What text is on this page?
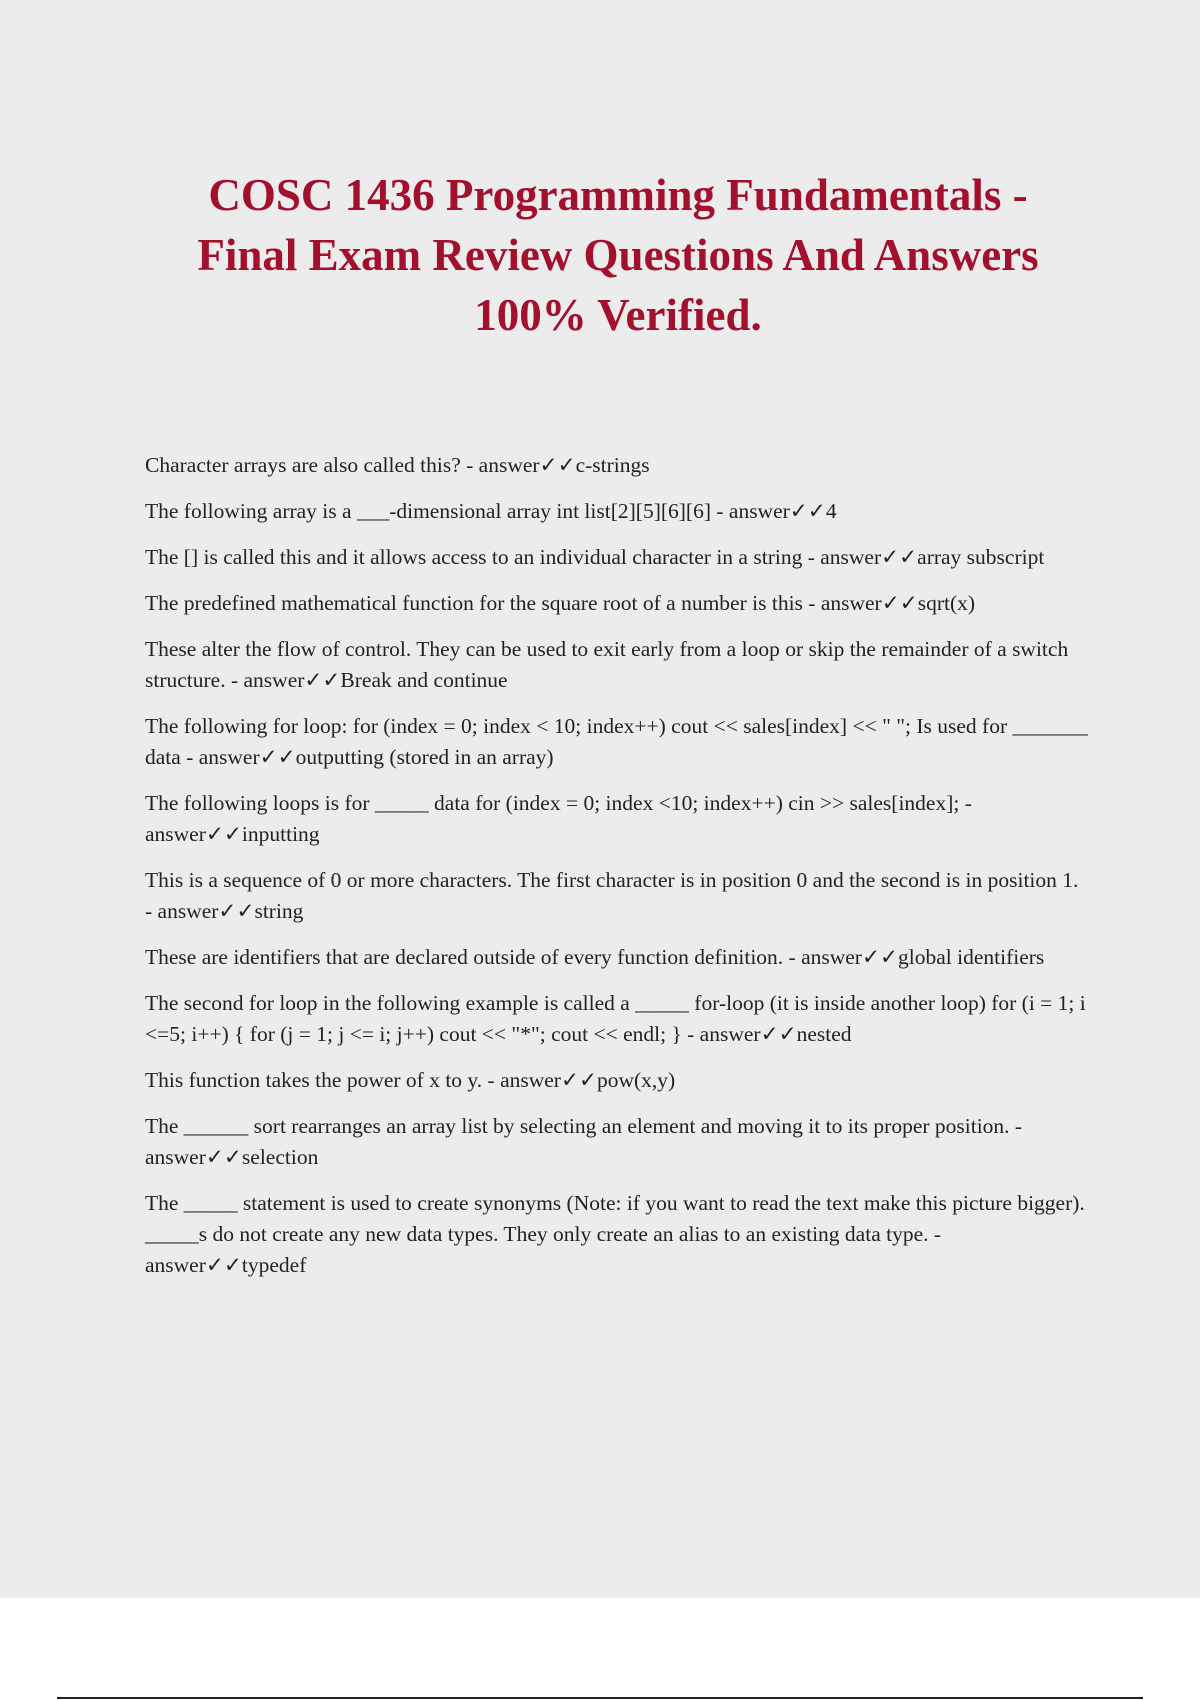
COSC 1436 Programming Fundamentals -
Final Exam Review Questions And Answers
100% Verified.
Character arrays are also called this? - answer✓✓c-strings
The following array is a ___-dimensional array int list[2][5][6][6] - answer✓✓4
The [] is called this and it allows access to an individual character in a string - answer✓✓array subscript
The predefined mathematical function for the square root of a number is this - answer✓✓sqrt(x)
These alter the flow of control. They can be used to exit early from a loop or skip the remainder of a switch structure. - answer✓✓Break and continue
The following for loop: for (index = 0; index < 10; index++) cout << sales[index] << " "; Is used for _______ data - answer✓✓outputting (stored in an array)
The following loops is for _____ data for (index = 0; index <10; index++) cin >> sales[index]; - answer✓✓inputting
This is a sequence of 0 or more characters. The first character is in position 0 and the second is in position 1. - answer✓✓string
These are identifiers that are declared outside of every function definition. - answer✓✓global identifiers
The second for loop in the following example is called a _____ for-loop (it is inside another loop) for (i = 1; i <=5; i++) { for (j = 1; j <= i; j++) cout << "*"; cout << endl; } - answer✓✓nested
This function takes the power of x to y. - answer✓✓pow(x,y)
The ______ sort rearranges an array list by selecting an element and moving it to its proper position. - answer✓✓selection
The _____ statement is used to create synonyms (Note: if you want to read the text make this picture bigger). _____s do not create any new data types. They only create an alias to an existing data type. - answer✓✓typedef
